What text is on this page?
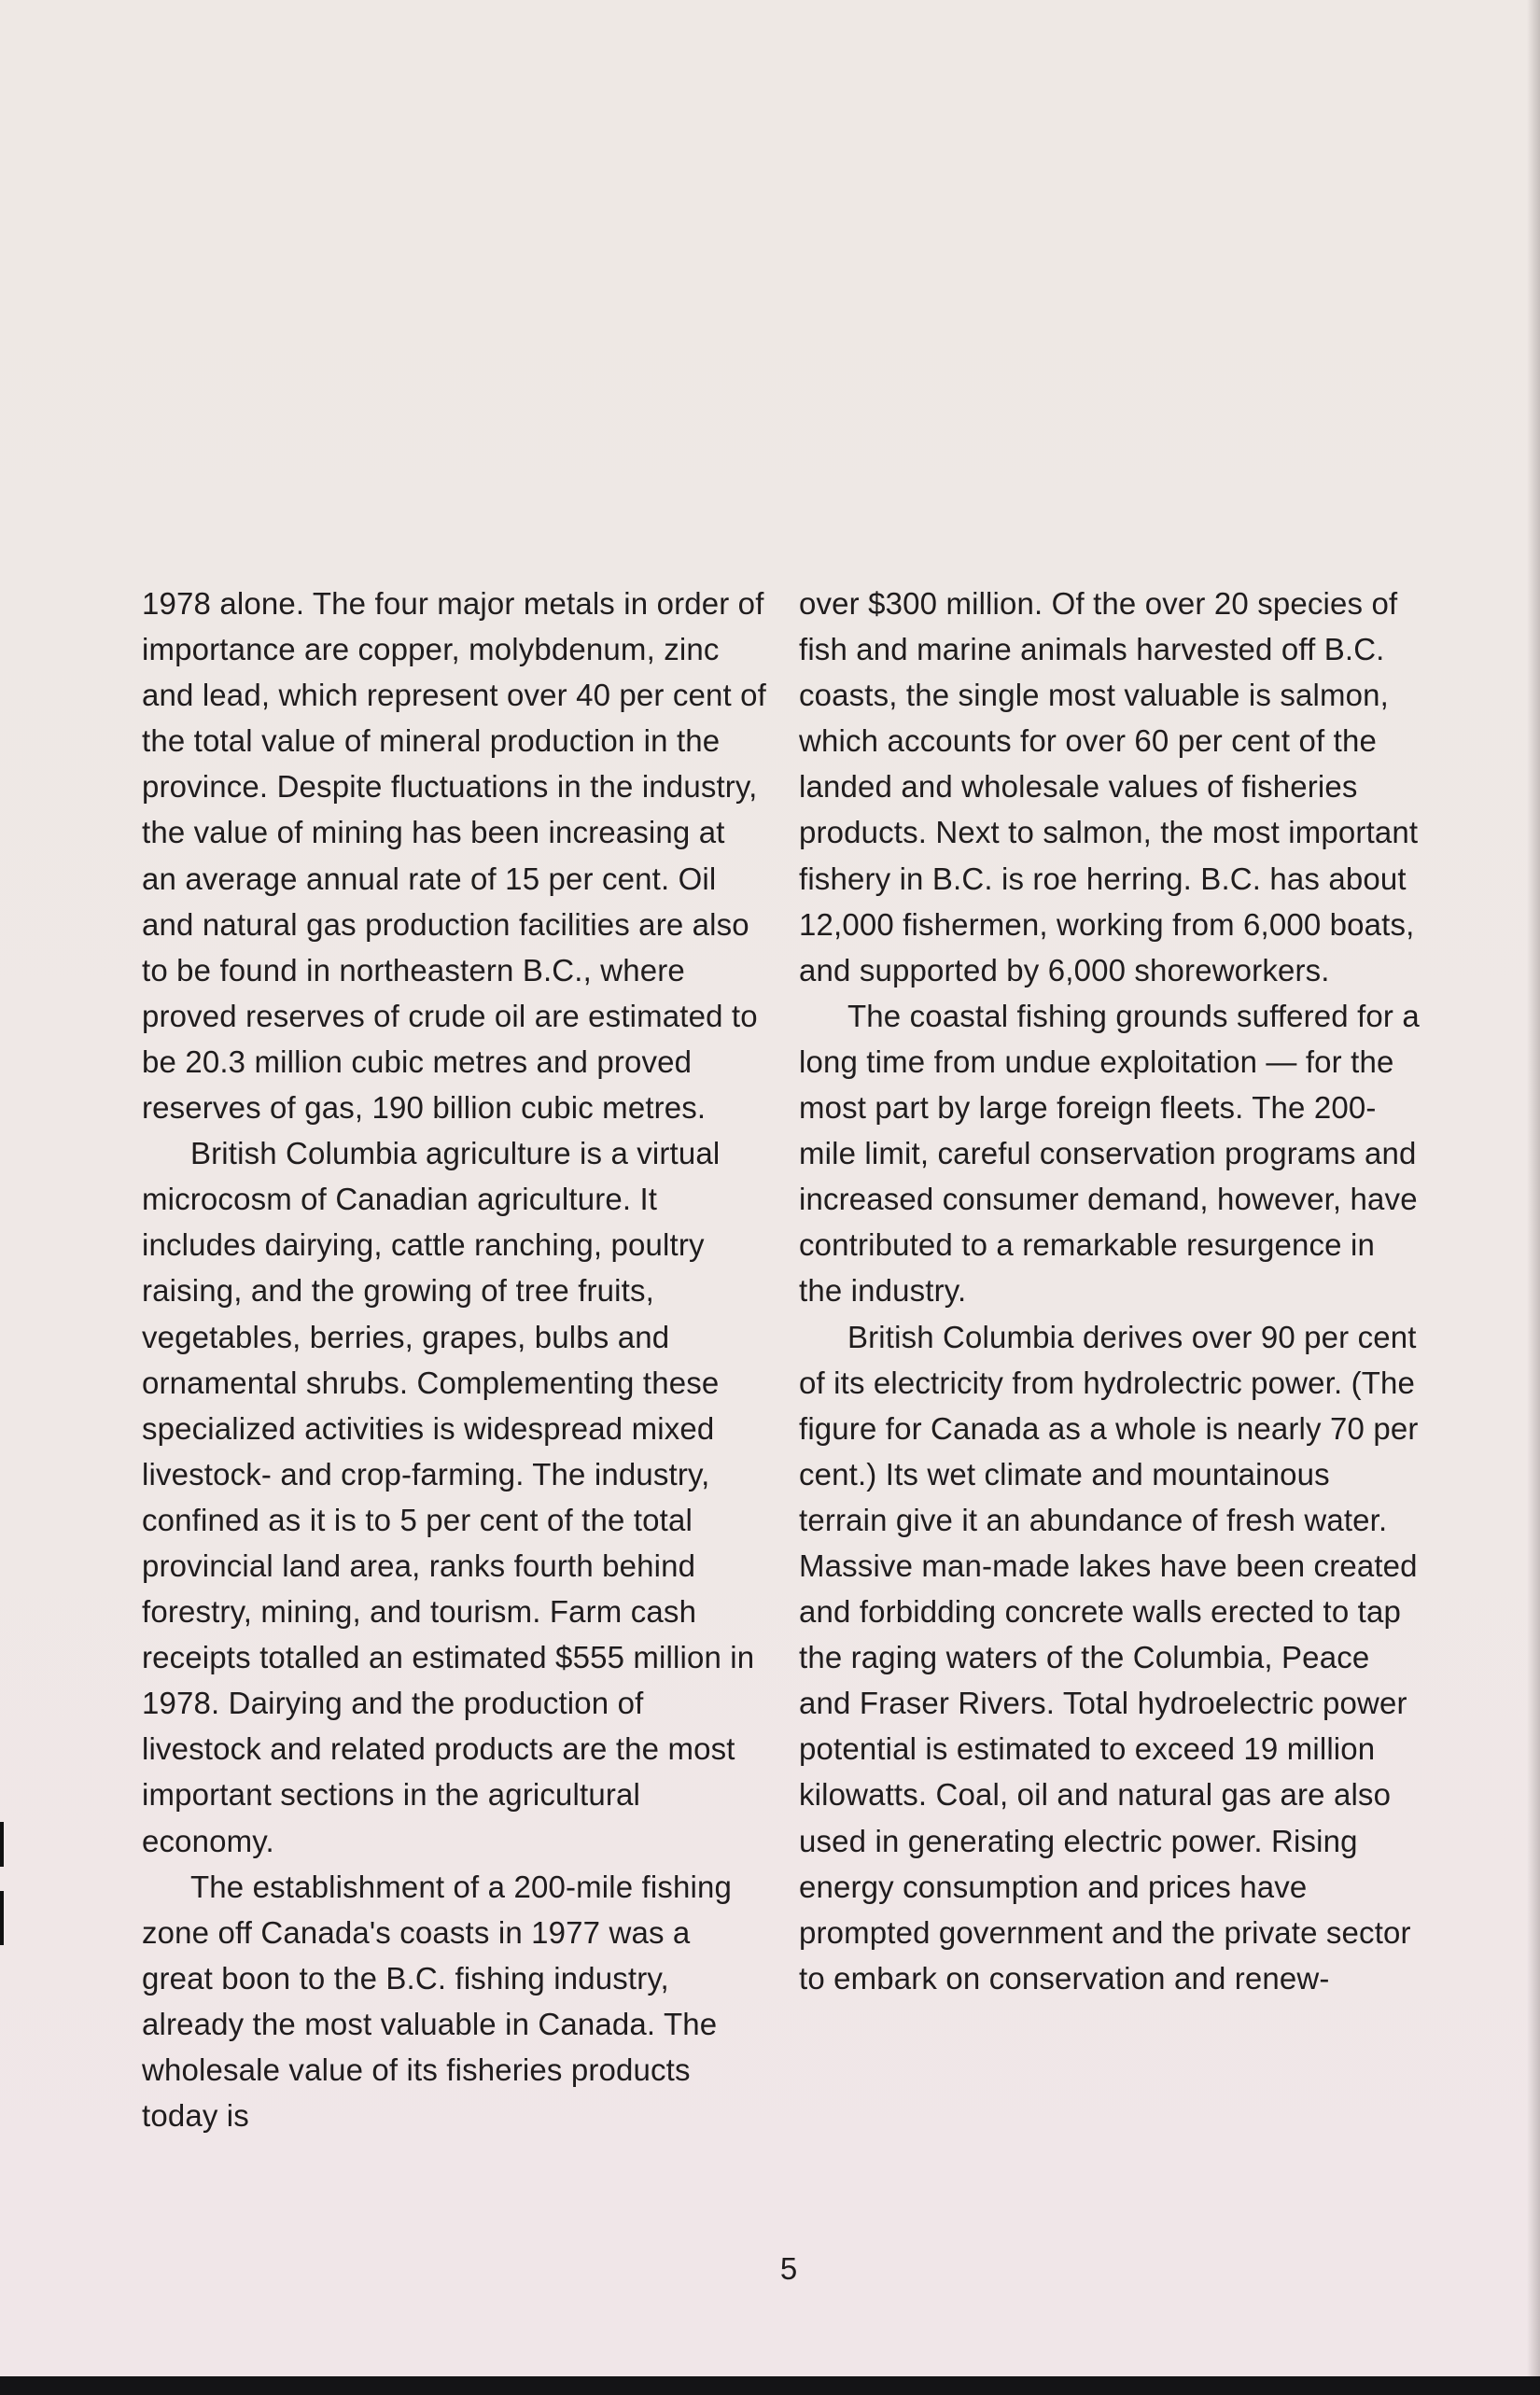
1978 alone. The four major metals in order of importance are copper, molybdenum, zinc and lead, which represent over 40 per cent of the total value of mineral production in the province. Despite fluctuations in the industry, the value of mining has been increasing at an average annual rate of 15 per cent. Oil and natural gas production facilities are also to be found in northeastern B.C., where proved reserves of crude oil are estimated to be 20.3 million cubic metres and proved reserves of gas, 190 billion cubic metres.

British Columbia agriculture is a virtual microcosm of Canadian agriculture. It includes dairying, cattle ranching, poultry raising, and the growing of tree fruits, vegetables, berries, grapes, bulbs and ornamental shrubs. Complementing these specialized activities is widespread mixed livestock- and crop-farming. The industry, confined as it is to 5 per cent of the total provincial land area, ranks fourth behind forestry, mining, and tourism. Farm cash receipts totalled an estimated $555 million in 1978. Dairying and the production of livestock and related products are the most important sections in the agricultural economy.

The establishment of a 200-mile fishing zone off Canada's coasts in 1977 was a great boon to the B.C. fishing industry, already the most valuable in Canada. The wholesale value of its fisheries products today is

over $300 million. Of the over 20 species of fish and marine animals harvested off B.C. coasts, the single most valuable is salmon, which accounts for over 60 per cent of the landed and wholesale values of fisheries products. Next to salmon, the most important fishery in B.C. is roe herring. B.C. has about 12,000 fishermen, working from 6,000 boats, and supported by 6,000 shoreworkers.

The coastal fishing grounds suffered for a long time from undue exploitation — for the most part by large foreign fleets. The 200-mile limit, careful conservation programs and increased consumer demand, however, have contributed to a remarkable resurgence in the industry.

British Columbia derives over 90 per cent of its electricity from hydrolectric power. (The figure for Canada as a whole is nearly 70 per cent.) Its wet climate and mountainous terrain give it an abundance of fresh water. Massive man-made lakes have been created and forbidding concrete walls erected to tap the raging waters of the Columbia, Peace and Fraser Rivers. Total hydroelectric power potential is estimated to exceed 19 million kilowatts. Coal, oil and natural gas are also used in generating electric power. Rising energy consumption and prices have prompted government and the private sector to embark on conservation and renew-

5
